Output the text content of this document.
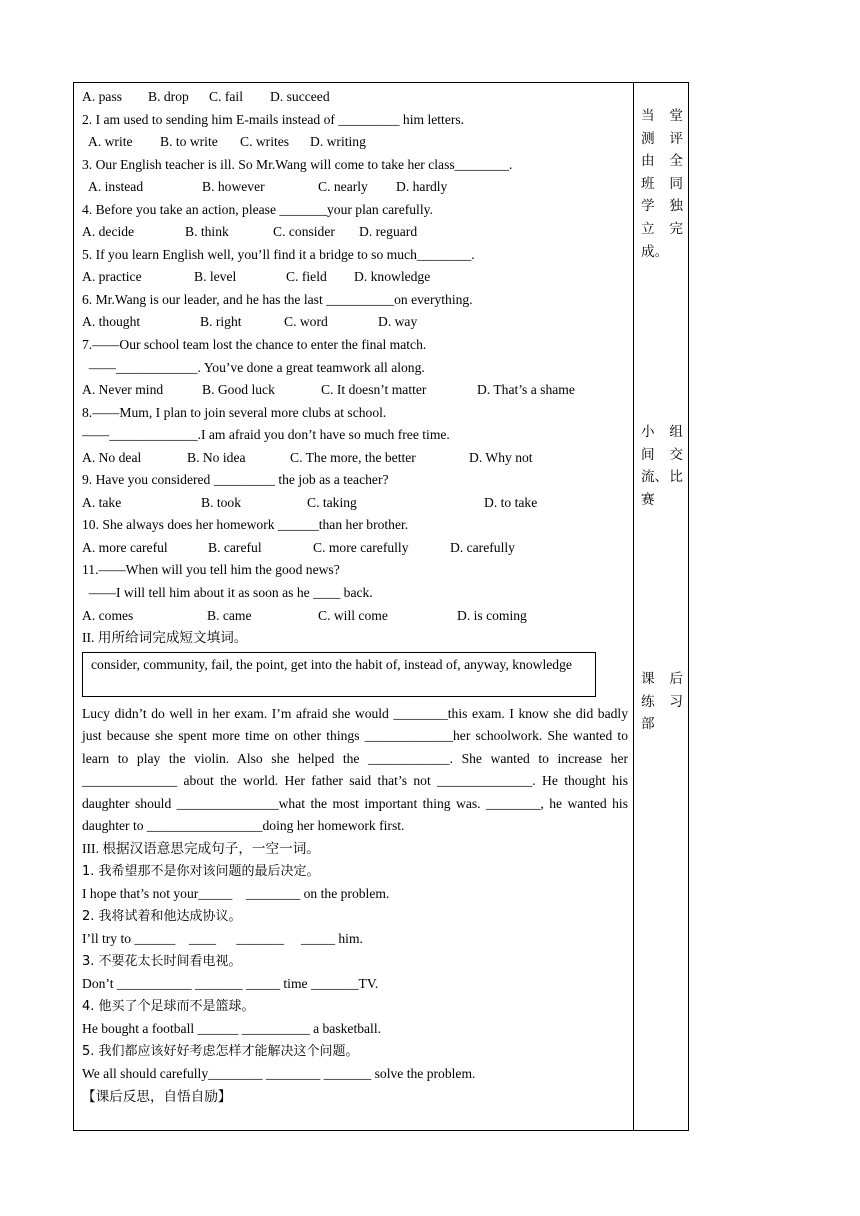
A. pass	B. drop	C. fail	D. succeed
2. I am used to sending him E-mails instead of _________ him letters.
A. write	B. to write	C. writes	D. writing
3. Our English teacher is ill. So Mr.Wang will come to take her class________.
A. instead	B. however	C. nearly	D. hardly
4. Before you take an action, please _______your plan carefully.
A. decide	B. think	C. consider	D. reguard
5. If you learn English well, you’ll find it a bridge to so much________.
A. practice	B. level	C. field	D. knowledge
6. Mr.Wang is our leader, and he has the last __________on everything.
A. thought	B. right	C. word	D. way
7.——Our school team lost the chance to enter the final match.
——____________. You’ve done a great teamwork all along.
A. Never mind	B. Good luck	C. It doesn’t matter	D. That’s a shame
8.——Mum, I plan to join several more clubs at school.
——_____________.I am afraid you don’t have so much free time.
A. No deal	B. No idea	C. The more, the better	D. Why not
9. Have you considered _________ the job as a teacher?
A. take	B. took	C. taking	D. to take
10. She always does her homework ______than her brother.
A. more careful	B. careful	C. more carefully	D. carefully
11.——When will you tell him the good news?
——I will tell him about it as soon as he ____ back.
A. comes	B. came	C. will come	D. is coming
II. 用所给词完成短文填词。
consider, community, fail, the point, get into the habit of, instead of, anyway, knowledge

Lucy didn’t do well in her exam. I’m afraid she would ________this exam. I know she did badly just because she spent more time on other things _____________her schoolwork. She wanted to learn to play the violin. Also she helped the ____________. She wanted to increase her ______________ about the world. Her father said that’s not ______________. He thought his daughter should _______________what the most important thing was. ________, he wanted his daughter to _________________doing her homework first.

III. 根据汉语意思完成句子，一空一词。
1. 我希望那不是你对该问题的最后决定。
I hope that’s not your_____    ________ on the problem.
2. 我将试着和他达成协议。
I’ll try to ______    ____      _______     _____ him.
3. 不要花太长时间看电视。
Don’t ___________ _______ _____ time _______TV.
4. 他买了个足球而不是篮球。
He bought a football ______ __________ a basketball.
5. 我们都应该好好考虑怎样才能解决这个问题。
We all should carefully________ ________ _______ solve the problem.
【课后反思，自悟自励】
当 堂
测 评
由 全
班 同
学 独
立 完
成。
小 组
间 交
流、 比
赛
课 后
练 习
部
